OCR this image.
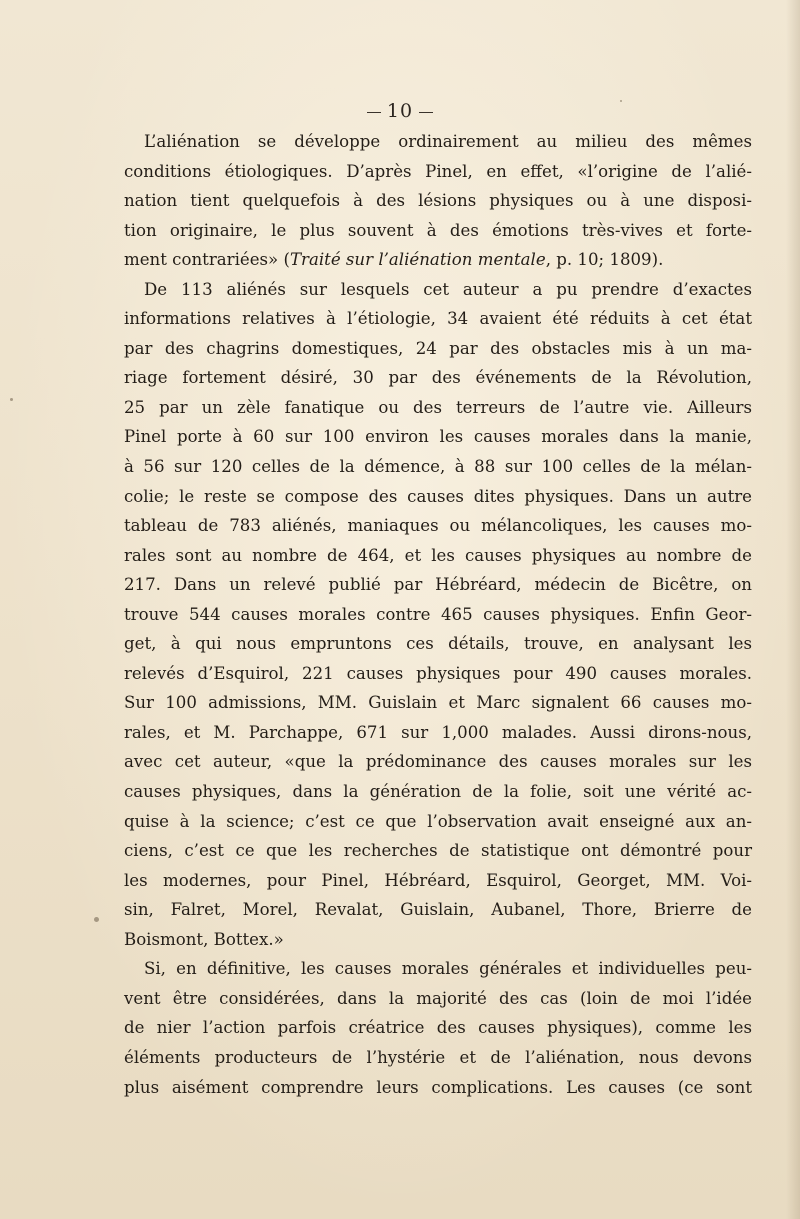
10
L’aliénation se développe ordinairement au milieu des mêmes
conditions étiologiques. D’après Pinel, en effet, «l’origine de l’alié-
nation tient quelquefois à des lésions physiques ou à une disposi-
tion originaire, le plus souvent à des émotions très-vives et forte-
ment contrariées» (Traité sur l’aliénation mentale, p. 10; 1809).
De 113 aliénés sur lesquels cet auteur a pu prendre d’exactes
informations relatives à l’étiologie, 34 avaient été réduits à cet état
par des chagrins domestiques, 24 par des obstacles mis à un ma-
riage fortement désiré, 30 par des événements de la Révolution,
25 par un zèle fanatique ou des terreurs de l’autre vie. Ailleurs
Pinel porte à 60 sur 100 environ les causes morales dans la manie,
à 56 sur 120 celles de la démence, à 88 sur 100 celles de la mélan-
colie; le reste se compose des causes dites physiques. Dans un autre
tableau de 783 aliénés, maniaques ou mélancoliques, les causes mo-
rales sont au nombre de 464, et les causes physiques au nombre de
217. Dans un relevé publié par Hébréard, médecin de Bicêtre, on
trouve 544 causes morales contre 465 causes physiques. Enfin Geor-
get, à qui nous empruntons ces détails, trouve, en analysant les
relevés d’Esquirol, 221 causes physiques pour 490 causes morales.
Sur 100 admissions, MM. Guislain et Marc signalent 66 causes mo-
rales, et M. Parchappe, 671 sur 1,000 malades. Aussi dirons-nous,
avec cet auteur, «que la prédominance des causes morales sur les
causes physiques, dans la génération de la folie, soit une vérité ac-
quise à la science; c’est ce que l’observation avait enseigné aux an-
ciens, c’est ce que les recherches de statistique ont démontré pour
les modernes, pour Pinel, Hébréard, Esquirol, Georget, MM. Voi-
sin, Falret, Morel, Revalat, Guislain, Aubanel, Thore, Brierre de
Boismont, Bottex.»
Si, en définitive, les causes morales générales et individuelles peu-
vent être considérées, dans la majorité des cas (loin de moi l’idée
de nier l’action parfois créatrice des causes physiques), comme les
éléments producteurs de l’hystérie et de l’aliénation, nous devons
plus aisément comprendre leurs complications. Les causes (ce sont
